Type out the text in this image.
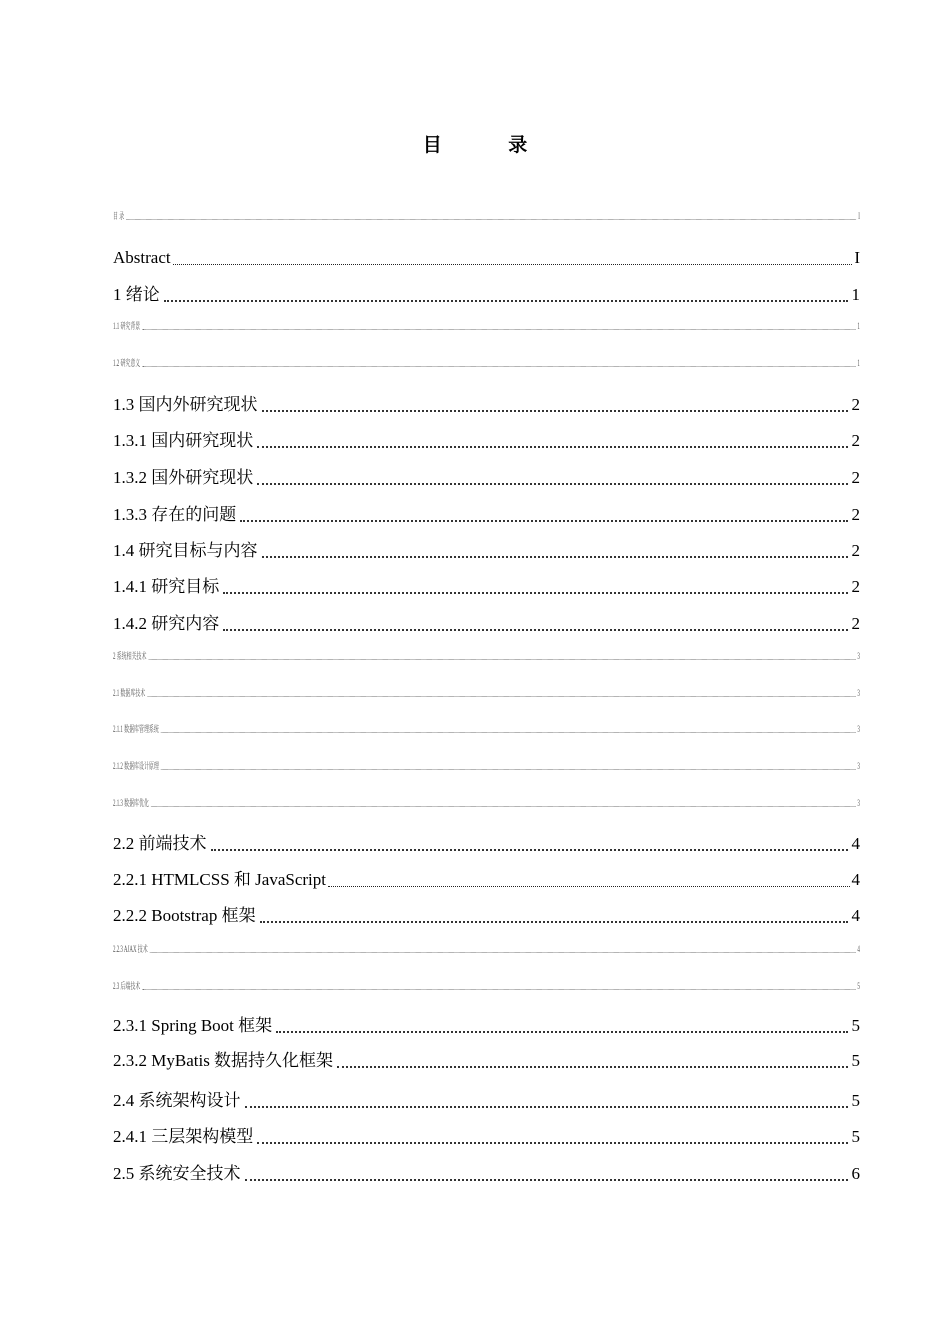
目 录
目 录	I
Abstract	I
1 绪论	1
1.1 研究背景	1
1.2 研究意义	1
1.3 国内外研究现状	2
1.3.1 国内研究现状	2
1.3.2 国外研究现状	2
1.3.3 存在的问题	2
1.4 研究目标与内容	2
1.4.1 研究目标	2
1.4.2 研究内容	2
2 系统相关技术	3
2.1 数据库技术	3
2.1.1 数据库管理系统	3
2.1.2 数据库设计原理	3
2.1.3 数据库优化	3
2.2 前端技术	4
2.2.1 HTMLCSS 和 JavaScript	4
2.2.2 Bootstrap 框架	4
2.2.3 AJAX 技术	4
2.3 后端技术	5
2.3.1 Spring Boot 框架	5
2.3.2 MyBatis 数据持久化框架	5
2.4 系统架构设计	5
2.4.1 三层架构模型	5
2.5 系统安全技术	6
